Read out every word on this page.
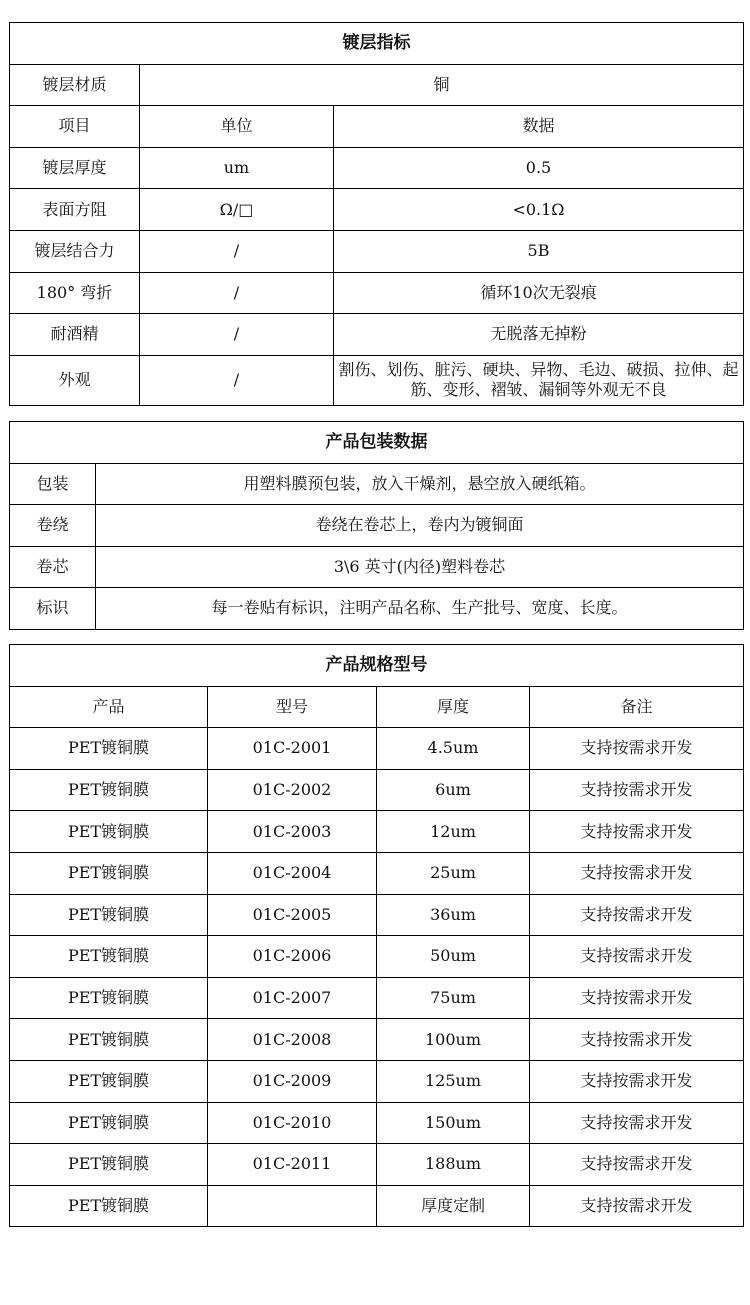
镀层指标		
镀层材质	铜	
项目	单位	数据
镀层厚度	um	0.5
表面方阻	Ω/□	<0.1Ω
镀层结合力	/	5B
180° 弯折	/	循环10次无裂痕
耐酒精	/	无脱落无掉粉
外观	/	割伤、划伤、脏污、硬块、异物、毛边、破损、拉伸、起筋、变形、褶皱、漏铜等外观无不良
产品包装数据	
包装	用塑料膜预包装，放入干燥剂，悬空放入硬纸箱。
卷绕	卷绕在卷芯上，卷内为镀铜面
卷芯	3\6 英寸(内径)塑料卷芯
标识	每一卷贴有标识，注明产品名称、生产批号、宽度、长度。
产品规格型号			
产品	型号	厚度	备注
PET镀铜膜	01C-2001	4.5um	支持按需求开发
PET镀铜膜	01C-2002	6um	支持按需求开发
PET镀铜膜	01C-2003	12um	支持按需求开发
PET镀铜膜	01C-2004	25um	支持按需求开发
PET镀铜膜	01C-2005	36um	支持按需求开发
PET镀铜膜	01C-2006	50um	支持按需求开发
PET镀铜膜	01C-2007	75um	支持按需求开发
PET镀铜膜	01C-2008	100um	支持按需求开发
PET镀铜膜	01C-2009	125um	支持按需求开发
PET镀铜膜	01C-2010	150um	支持按需求开发
PET镀铜膜	01C-2011	188um	支持按需求开发
PET镀铜膜		厚度定制	支持按需求开发
